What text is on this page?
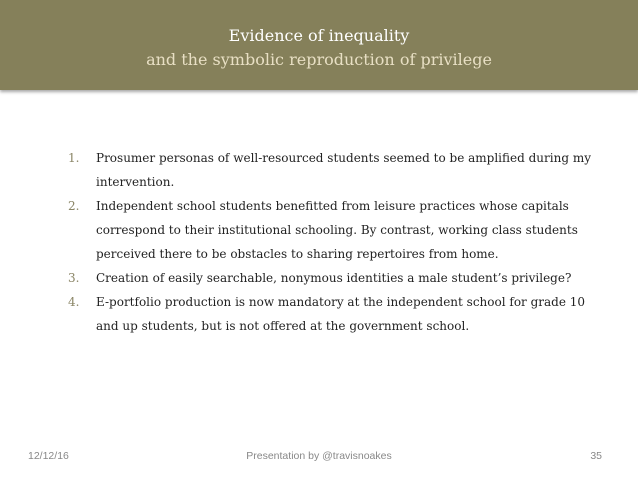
Evidence of inequality
and the symbolic reproduction of privilege
1.	Prosumer personas of well-resourced students seemed to be amplified during my intervention.
2.	Independent school students benefitted from leisure practices whose capitals correspond to their institutional schooling. By contrast, working class students perceived there to be obstacles to sharing repertoires from home.
3.	Creation of easily searchable, nonymous identities a male student’s privilege?
4.	E-portfolio production is now mandatory at the independent school for grade 10 and up students, but is not offered at the government school.
12/12/16	Presentation by @travisnoakes	35
